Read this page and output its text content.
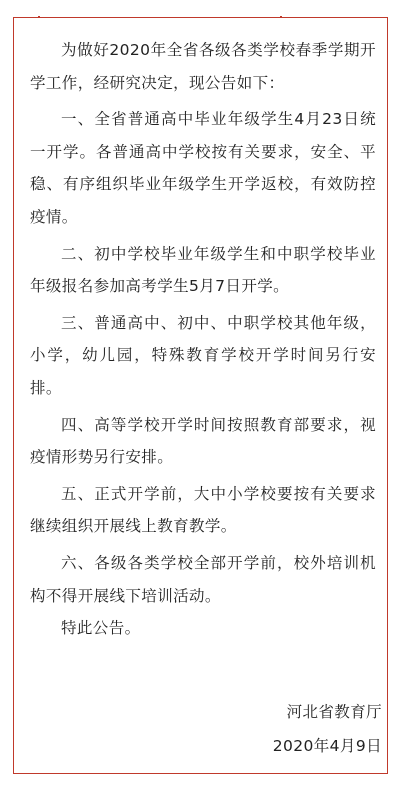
为做好2020年全省各级各类学校春季学期开学工作，经研究决定，现公告如下：

一、全省普通高中毕业年级学生4月23日统一开学。各普通高中学校按有关要求，安全、平稳、有序组织毕业年级学生开学返校，有效防控疫情。

二、初中学校毕业年级学生和中职学校毕业年级报名参加高考学生5月7日开学。

三、普通高中、初中、中职学校其他年级，小学，幼儿园，特殊教育学校开学时间另行安排。

四、高等学校开学时间按照教育部要求，视疫情形势另行安排。

五、正式开学前，大中小学校要按有关要求继续组织开展线上教育教学。

六、各级各类学校全部开学前，校外培训机构不得开展线下培训活动。

特此公告。

河北省教育厅
2020年4月9日
